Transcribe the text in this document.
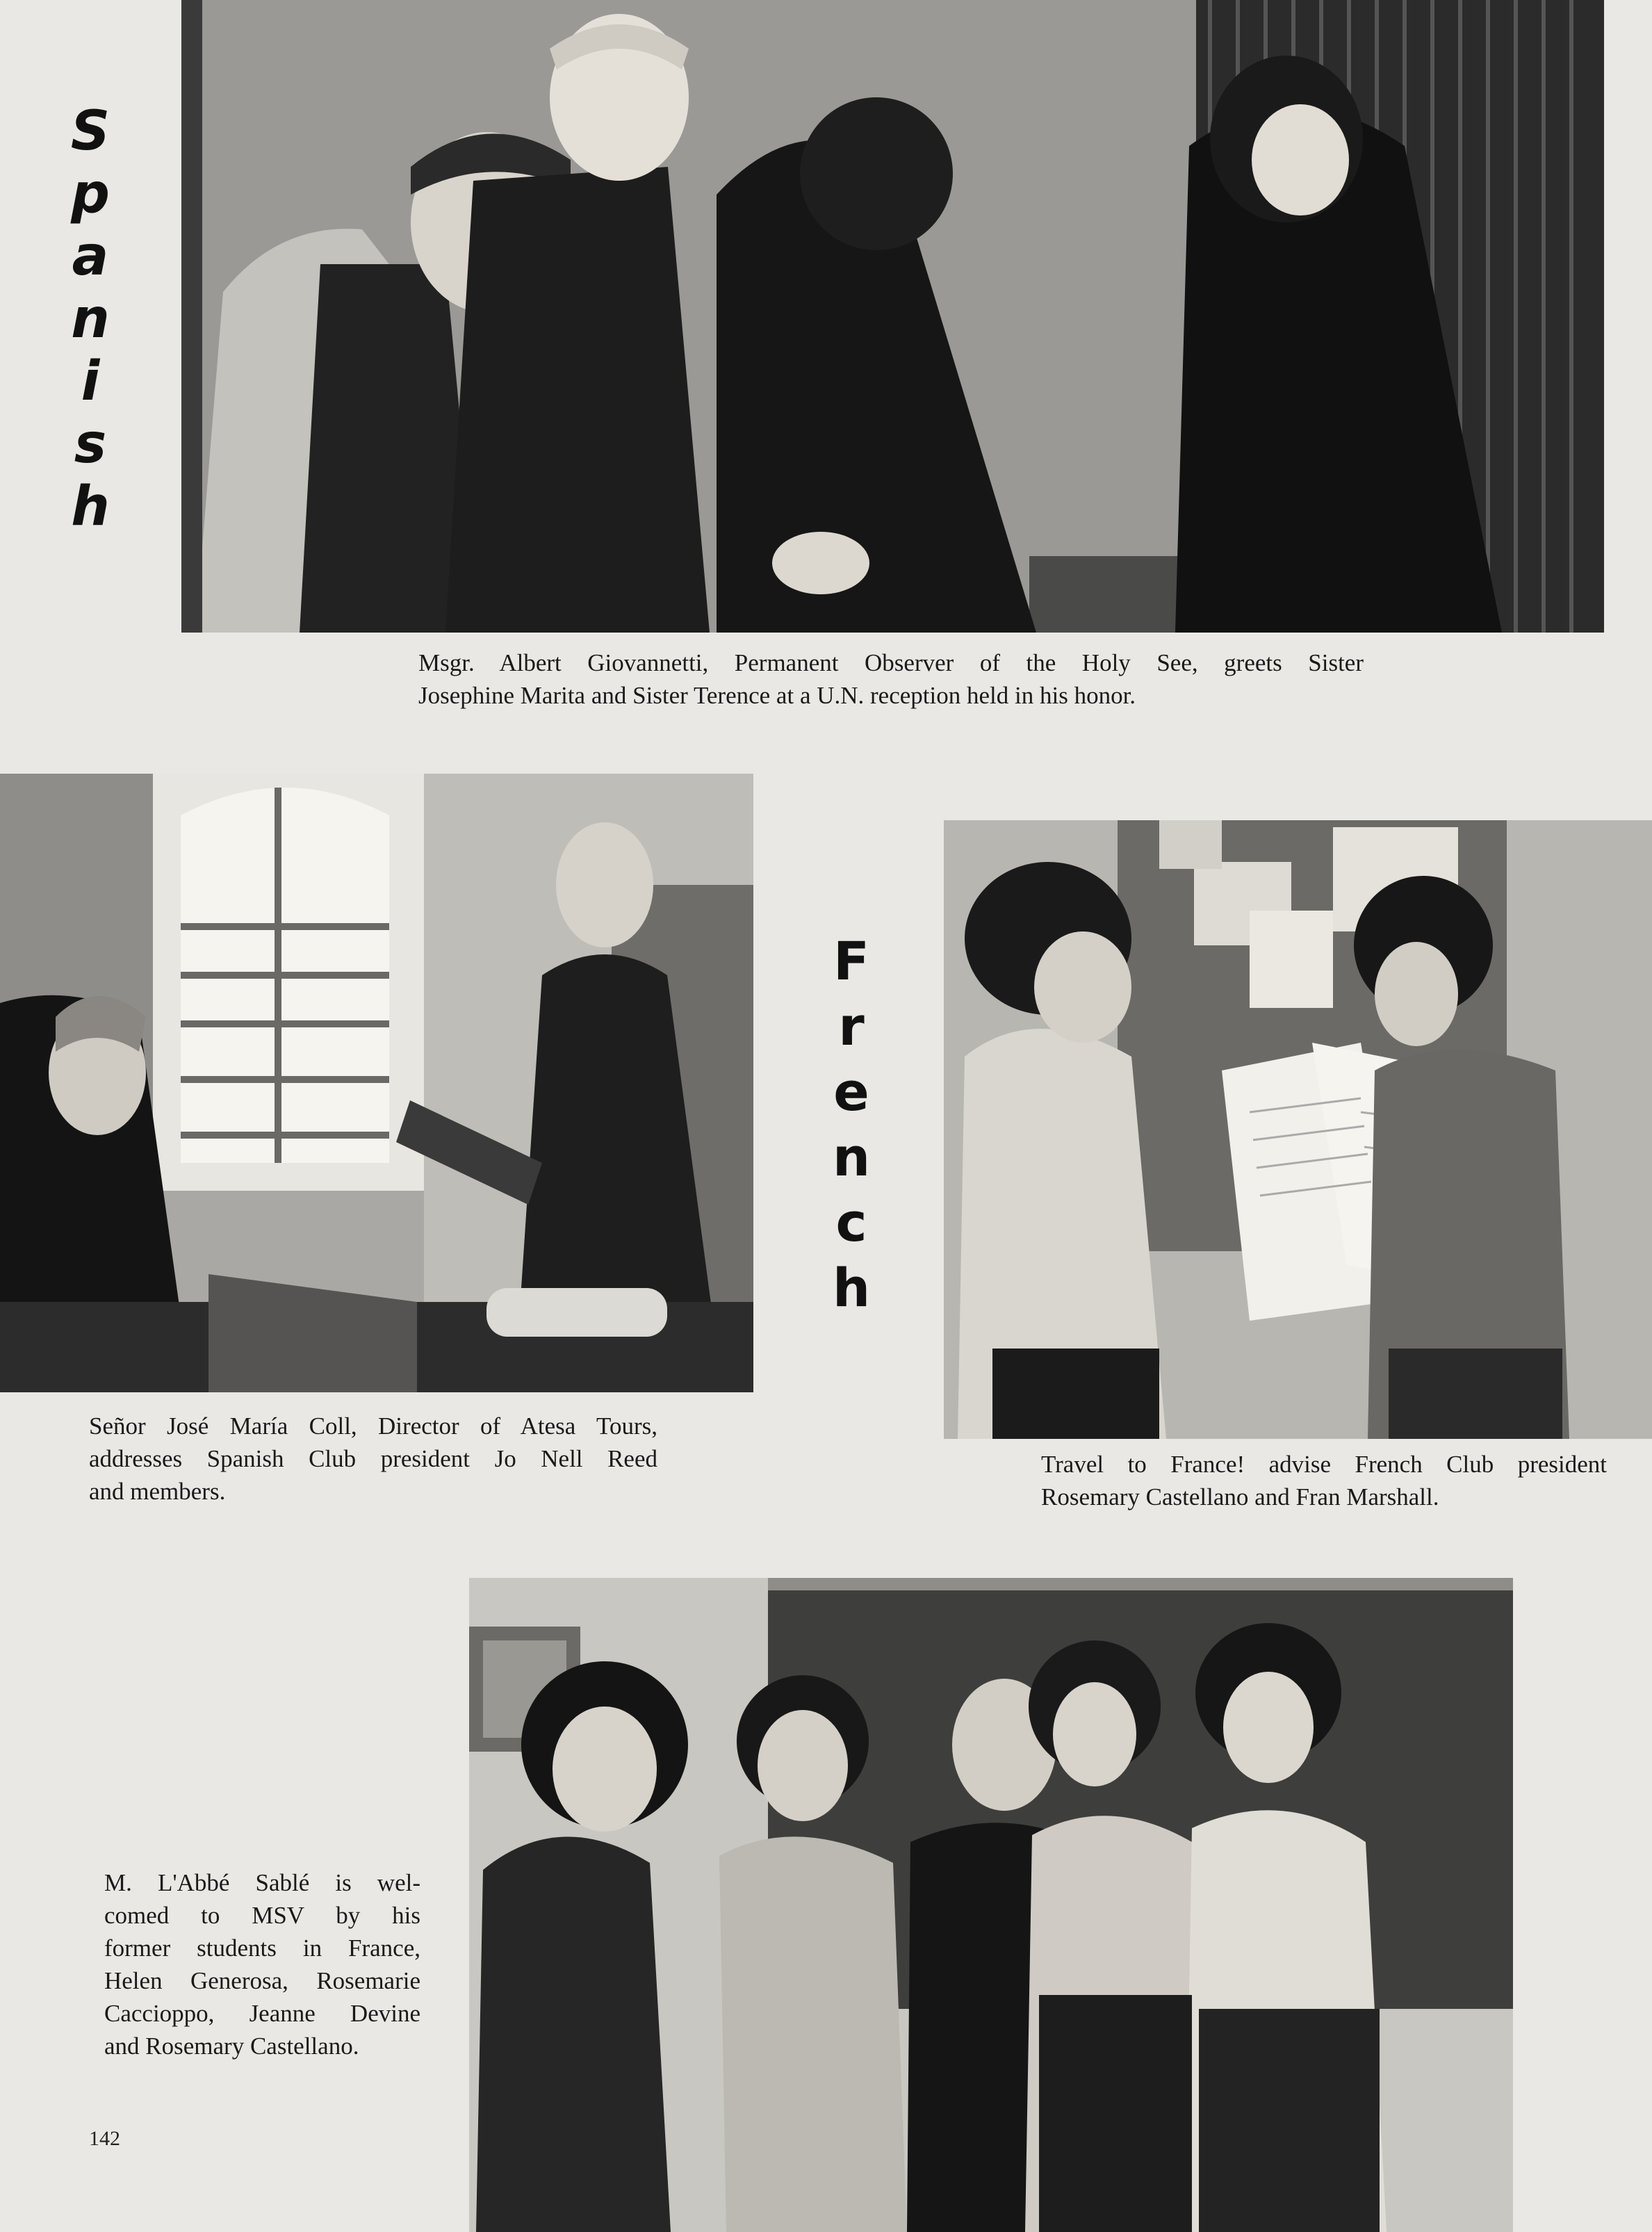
S
p
a
n
i
s
h
Msgr. Albert Giovannetti, Permanent Observer of the Holy See, greets Sister
Josephine Marita and Sister Terence at a U.N. reception held in his honor.
Señor José María Coll, Director of Atesa Tours,
addresses Spanish Club president Jo Nell Reed
and members.
F
r
e
n
c
h
Travel to France! advise French Club president
Rosemary Castellano and Fran Marshall.
M. L'Abbé Sablé is wel-
comed to MSV by his
former students in France,
Helen Generosa, Rosemarie
Caccioppo, Jeanne Devine
and Rosemary Castellano.
142
